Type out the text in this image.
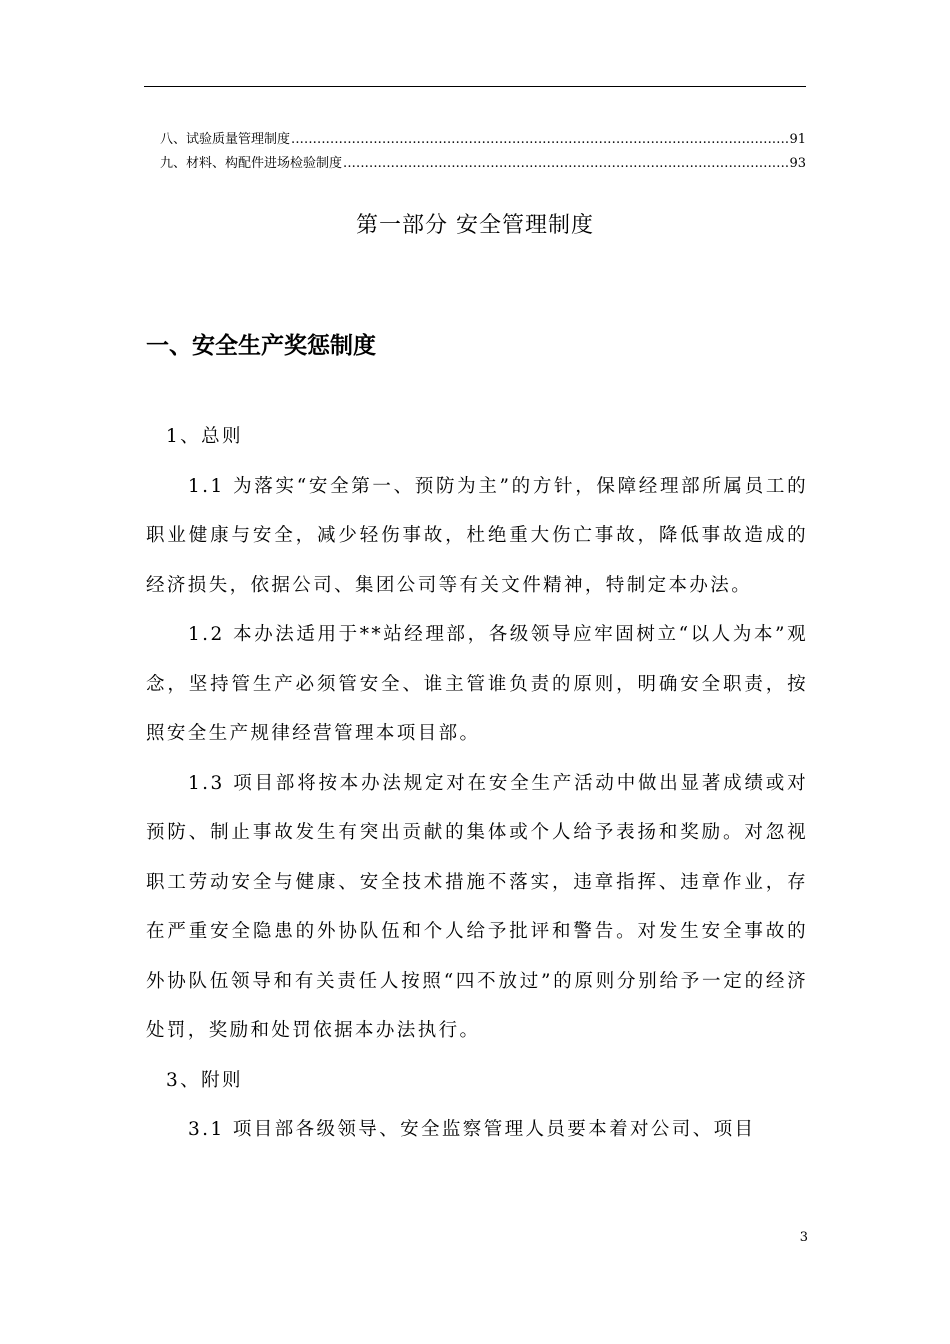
八、试验质量管理制度 .....	91
九、材料、构配件进场检验制度 .....	93
第一部分 安全管理制度
一、安全生产奖惩制度

1、总则

1.1 为落实“安全第一、预防为主”的方针，保障经理部所属员工的职业健康与安全，减少轻伤事故，杜绝重大伤亡事故，降低事故造成的经济损失，依据公司、集团公司等有关文件精神，特制定本办法。

1.2 本办法适用于**站经理部，各级领导应牢固树立“以人为本”观念，坚持管生产必须管安全、谁主管谁负责的原则，明确安全职责，按照安全生产规律经营管理本项目部。

1.3 项目部将按本办法规定对在安全生产活动中做出显著成绩或对预防、制止事故发生有突出贡献的集体或个人给予表扬和奖励。对忽视职工劳动安全与健康、安全技术措施不落实，违章指挥、违章作业，存在严重安全隐患的外协队伍和个人给予批评和警告。对发生安全事故的外协队伍领导和有关责任人按照“四不放过”的原则分别给予一定的经济处罚，奖励和处罚依据本办法执行。

3、附则

3.1 项目部各级领导、安全监察管理人员要本着对公司、项目

3
